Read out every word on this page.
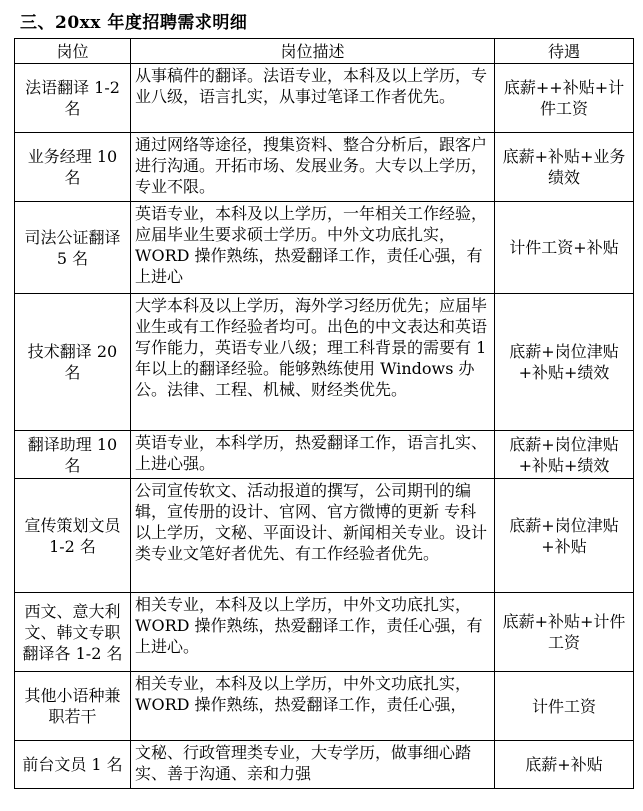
三、20xx 年度招聘需求明细
岗位	岗位描述	待遇
法语翻译 1-2 名	从事稿件的翻译。法语专业，本科及以上学历，专业八级，语言扎实，从事过笔译工作者优先。	底薪++补贴+计件工资
业务经理 10 名	通过网络等途径，搜集资料、整合分析后，跟客户进行沟通。开拓市场、发展业务。大专以上学历，专业不限。	底薪+补贴+业务绩效
司法公证翻译 5 名	英语专业，本科及以上学历，一年相关工作经验，应届毕业生要求硕士学历。中外文功底扎实，WORD 操作熟练，热爱翻译工作，责任心强，有上进心	计件工资+补贴
技术翻译 20 名	大学本科及以上学历，海外学习经历优先；应届毕业生或有工作经验者均可。出色的中文表达和英语写作能力，英语专业八级；理工科背景的需要有 1 年以上的翻译经验。能够熟练使用 Windows 办公。法律、工程、机械、财经类优先。	底薪+岗位津贴+补贴+绩效
翻译助理 10 名	英语专业，本科学历，热爱翻译工作，语言扎实、上进心强。	底薪+岗位津贴+补贴+绩效
宣传策划文员 1-2 名	公司宣传软文、活动报道的撰写，公司期刊的编辑，宣传册的设计、官网、官方微博的更新 专科以上学历，文秘、平面设计、新闻相关专业。设计类专业文笔好者优先、有工作经验者优先。	底薪+岗位津贴+补贴
西文、意大利文、韩文专职翻译各 1-2 名	相关专业，本科及以上学历，中外文功底扎实，WORD 操作熟练，热爱翻译工作，责任心强，有上进心。	底薪+补贴+计件工资
其他小语种兼职若干	相关专业，本科及以上学历，中外文功底扎实，WORD 操作熟练，热爱翻译工作，责任心强，	计件工资
前台文员 1 名	文秘、行政管理类专业，大专学历，做事细心踏实、善于沟通、亲和力强	底薪+补贴
